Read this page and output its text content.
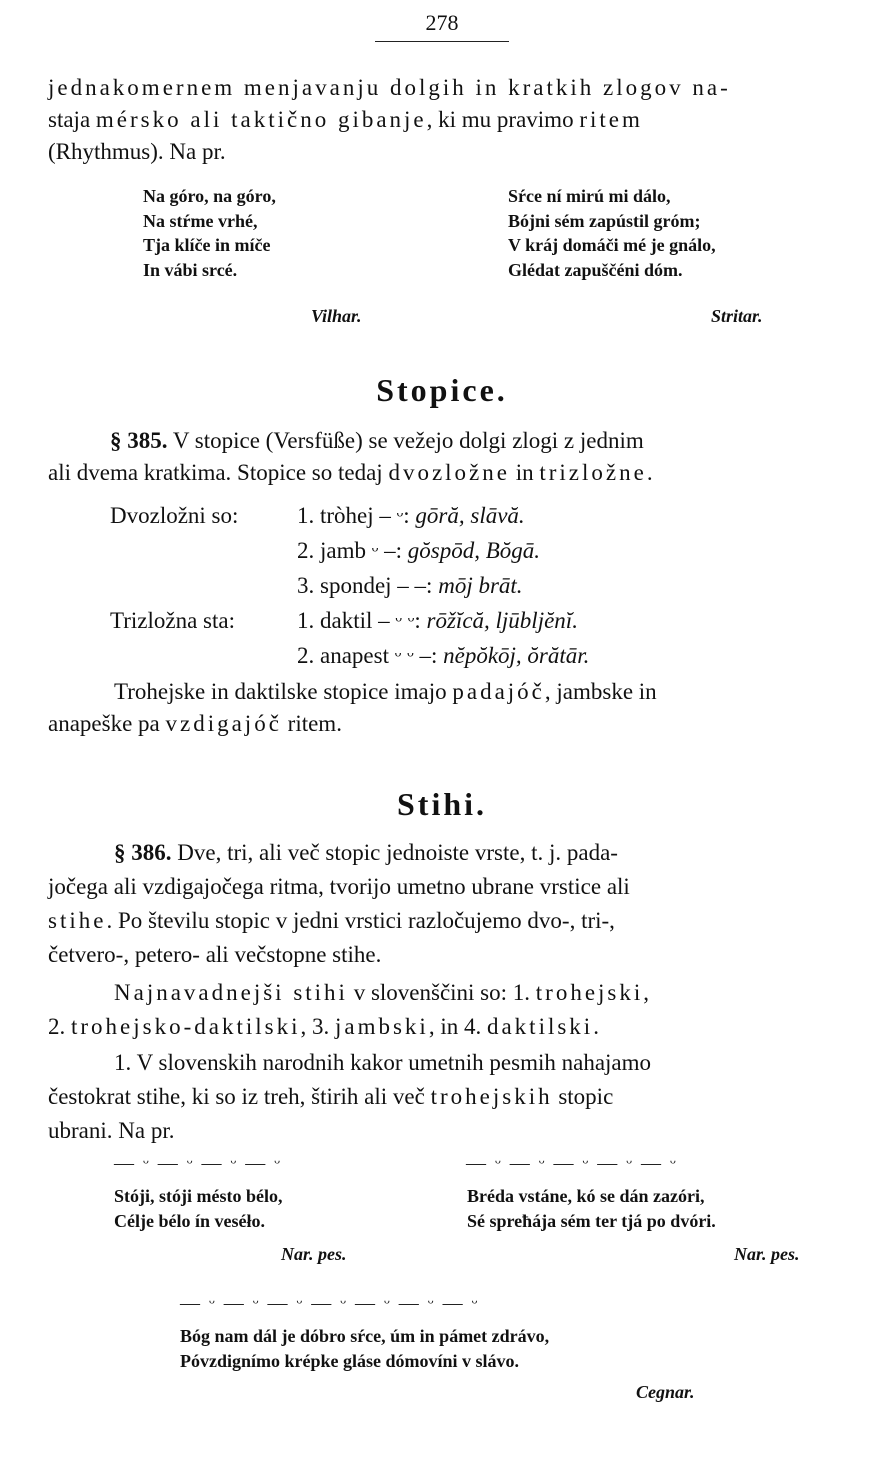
278
jednakomernem menjavanju dolgih in kratkih zlogov na-
staja mérsko ali taktično gibanje, ki mu pravimo ritem
(Rhythmus). Na pr.
Na góro, na góro,
Na stŕme vrhé,
Tja klíče in míče
In vábi srcé.
Vilhar.
Sŕce ní mirú mi dálo,
Bójni sém zapústil gróm;
V kráj domáči mé je gnálo,
Glédat zapuščéni dóm.
Stritar.
Stopice.
§ 385. V stopice (Versfüße) se vežejo dolgi zlogi z jednim
ali dvema kratkima. Stopice so tedaj dvozložne in trizložne.
Dvozložni so:	1. tròhej – ᵕ: gōră, slāvă.
2. jamb ᵕ –: gŏspōd, Bŏgā.
3. spondej – –: mōj brāt.
Trizložna sta:	1. daktil – ᵕ ᵕ: rōžĭcă, ljūbljĕnĭ.
2. anapest ᵕ ᵕ –: nĕpŏkōj, ŏrătār.
Trohejske in daktilske stopice imajo padajóč, jambske in
anapeške pa vzdigajóč ritem.
Stihi.
§ 386. Dve, tri, ali več stopic jednoiste vrste, t. j. pada-
jočega ali vzdigajočega ritma, tvorijo umetno ubrane vrstice ali
stihe. Po številu stopic v jedni vrstici razločujemo dvo-, tri-,
četvero-, petero- ali večstopne stihe.
Najnavadnejši stihi v slovenščini so: 1. trohejski,
2. trohejsko-daktilski, 3. jambski, in 4. daktilski.
1. V slovenskih narodnih kakor umetnih pesmih nahajamo
čestokrat stihe, ki so iz treh, štirih ali več trohejskih stopic
ubrani. Na pr.
— ᵕ — ᵕ — ᵕ — ᵕ	— ᵕ — ᵕ — ᵕ — ᵕ — ᵕ
Stóji, stóji mésto bélo,
Célje bélo ín veséło.
Nar. pes.
Bréda vstáne, kó se dán zazóri,
Sé spreħája sém ter tjá po dvóri.
Nar. pes.
— ᵕ — ᵕ — ᵕ — ᵕ — ᵕ — ᵕ — ᵕ
Bóg nam dál je dóbro sŕce, úm in pámet zdrávo,
Póvzdignímo krépke gláse dómovíni v slávo.
Cegnar.
